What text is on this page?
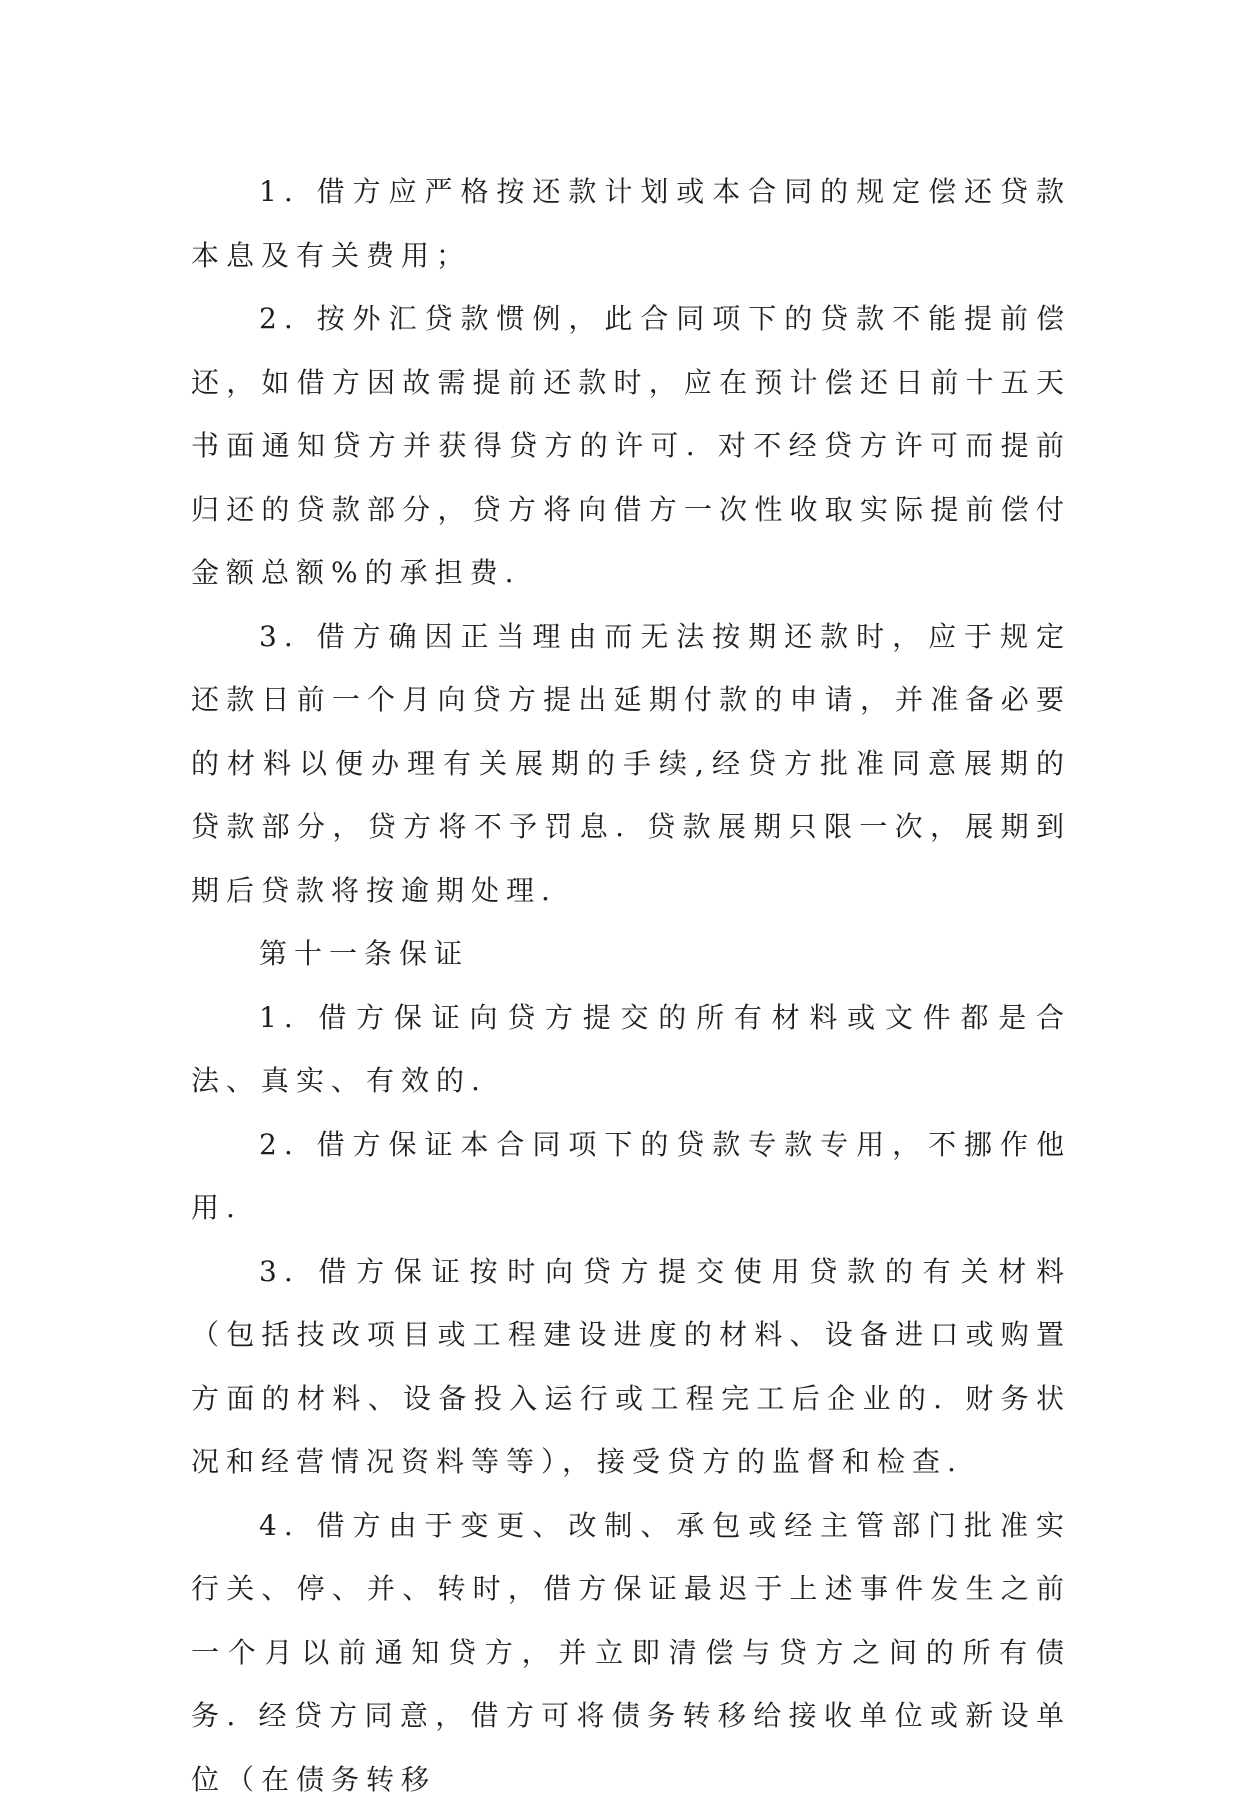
1. 借方应严格按还款计划或本合同的规定偿还贷款本息及有关费用；

2. 按外汇贷款惯例，此合同项下的贷款不能提前偿还，如借方因故需提前还款时，应在预计偿还日前十五天书面通知贷方并获得贷方的许可. 对不经贷方许可而提前归还的贷款部分，贷方将向借方一次性收取实际提前偿付金额总额%的承担费.

3. 借方确因正当理由而无法按期还款时，应于规定还款日前一个月向贷方提出延期付款的申请，并准备必要的材料以便办理有关展期的手续,经贷方批准同意展期的贷款部分，贷方将不予罚息. 贷款展期只限一次，展期到期后贷款将按逾期处理.

第十一条保证

1. 借方保证向贷方提交的所有材料或文件都是合法、真实、有效的.

2. 借方保证本合同项下的贷款专款专用，不挪作他用.

3. 借方保证按时向贷方提交使用贷款的有关材料（包括技改项目或工程建设进度的材料、设备进口或购置方面的材料、设备投入运行或工程完工后企业的. 财务状况和经营情况资料等等），接受贷方的监督和检查.

4. 借方由于变更、改制、承包或经主管部门批准实行关、停、并、转时，借方保证最迟于上述事件发生之前一个月以前通知贷方，并立即清偿与贷方之间的所有债务. 经贷方同意，借方可将债务转移给接收单位或新设单位（在债务转移
